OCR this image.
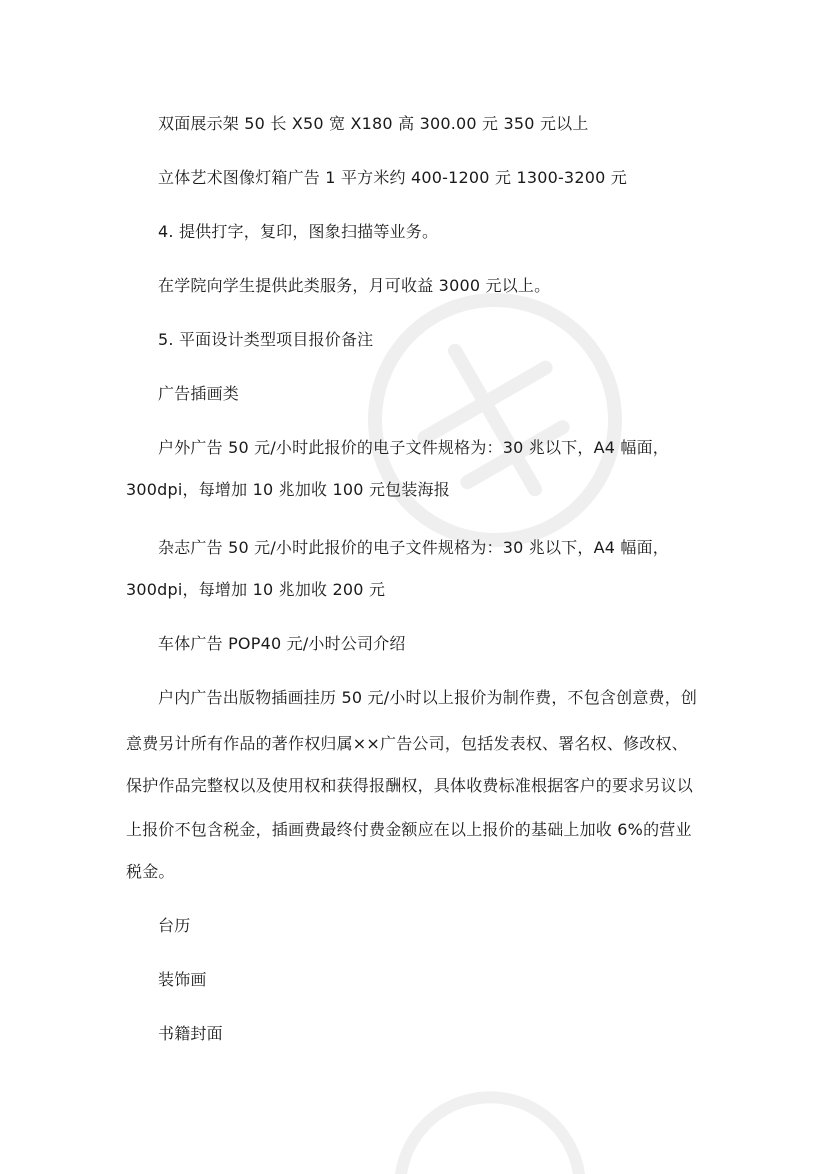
双面展示架 50 长 X50 宽 X180 高 300.00 元 350 元以上
立体艺术图像灯箱广告 1 平方米约 400-1200 元 1300-3200 元
4. 提供打字，复印，图象扫描等业务。
在学院向学生提供此类服务，月可收益 3000 元以上。
5. 平面设计类型项目报价备注
广告插画类
户外广告 50 元/小时此报价的电子文件规格为：30 兆以下，A4 幅面，
300dpi，每增加 10 兆加收 100 元包装海报
杂志广告 50 元/小时此报价的电子文件规格为：30 兆以下，A4 幅面，
300dpi，每增加 10 兆加收 200 元
车体广告 POP40 元/小时公司介绍
户内广告出版物插画挂历 50 元/小时以上报价为制作费，不包含创意费，创
意费另计所有作品的著作权归属××广告公司，包括发表权、署名权、修改权、
保护作品完整权以及使用权和获得报酬权，具体收费标准根据客户的要求另议以
上报价不包含税金，插画费最终付费金额应在以上报价的基础上加收 6%的营业
税金。
台历
装饰画
书籍封面
